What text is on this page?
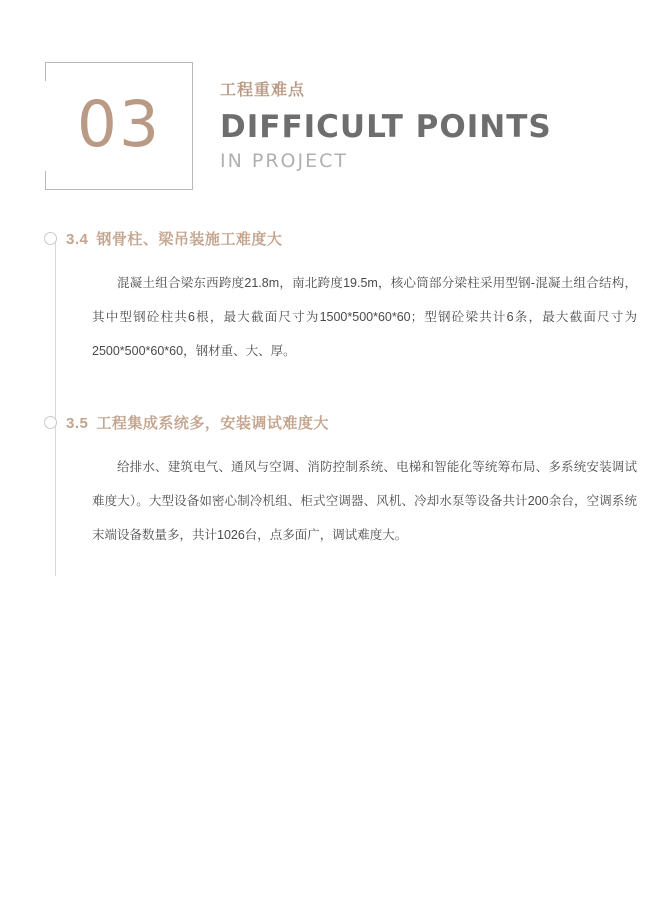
03	工程重难点
DIFFICULT POINTS
IN PROJECT
3.4 钢骨柱、梁吊装施工难度大
混凝土组合梁东西跨度21.8m，南北跨度19.5m，核心筒部分梁柱采用型钢-混凝土组合结构，其中型钢砼柱共6根，最大截面尺寸为1500*500*60*60；型钢砼梁共计6条，最大截面尺寸为2500*500*60*60，钢材重、大、厚。
3.5 工程集成系统多，安装调试难度大
给排水、建筑电气、通风与空调、消防控制系统、电梯和智能化等统筹布局、多系统安装调试难度大）。大型设备如密心制冷机组、柜式空调器、风机、冷却水泵等设备共计200余台，空调系统末端设备数量多，共计1026台，点多面广，调试难度大。
